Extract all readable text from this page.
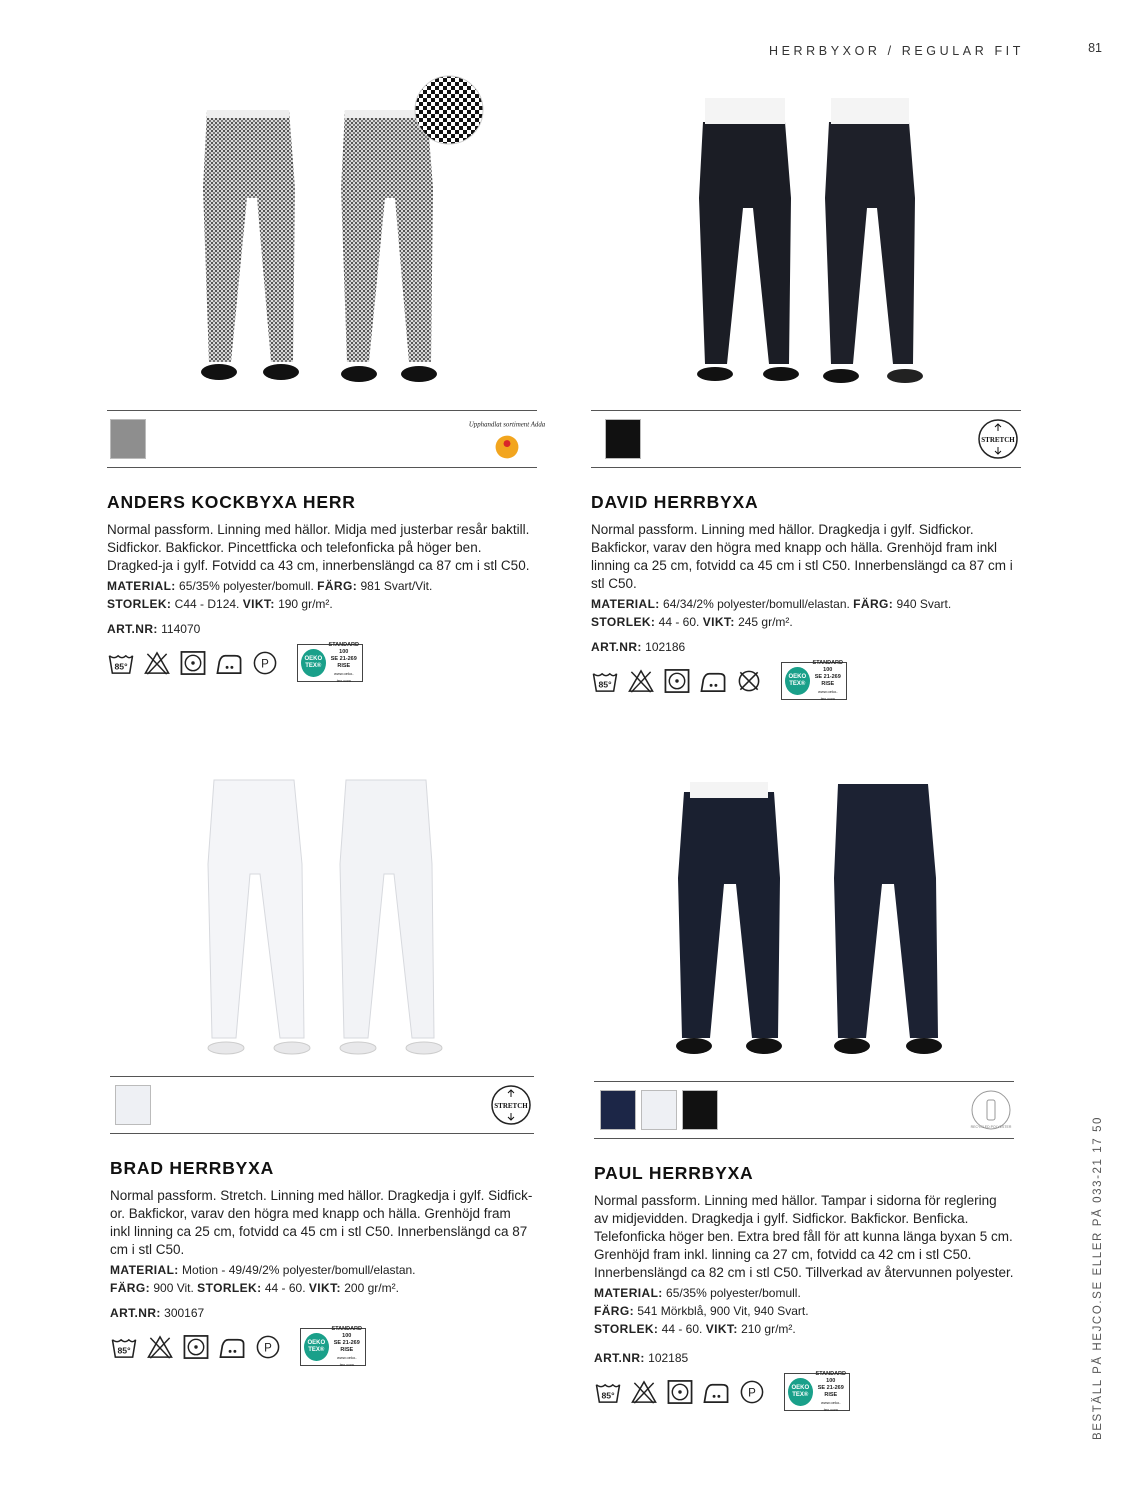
HERRBYXOR / REGULAR FIT	81
BESTÄLL PÅ HEJCO.SE ELLER PÅ 033-21 17 50
Upphandlat sortiment Adda
ANDERS KOCKBYXA HERR
Normal passform. Linning med hällor. Midja med justerbar resår baktill. Sidfickor. Bakfickor. Pincettficka och telefonficka på höger ben. Dragked-ja i gylf. Fotvidd ca 43 cm, innerbenslängd ca 87 cm i stl C50.
MATERIAL: 65/35% polyester/bomull. FÄRG: 981 Svart/Vit.
STORLEK: C44 - D124. VIKT: 190 gr/m².
ART.NR: 114070
85°	P	OEKO TEX®
STANDARD
100
SE 21-269
RISE
www.oeko-tex.com
STRETCH
DAVID HERRBYXA
Normal passform. Linning med hällor. Dragkedja i gylf. Sidfickor. Bakfickor, varav den högra med knapp och hälla. Grenhöjd fram inkl linning ca 25 cm, fotvidd ca 45 cm i stl C50. Innerbenslängd ca 87 cm i stl C50.
MATERIAL: 64/34/2% polyester/bomull/elastan. FÄRG: 940 Svart.
STORLEK: 44 - 60. VIKT: 245 gr/m².
ART.NR: 102186
85°
OEKO TEX®
STANDARD
100
SE 21-269
RISE
www.oeko-tex.com
STRETCH
BRAD HERRBYXA
Normal passform. Stretch. Linning med hällor. Dragkedja i gylf. Sidfick-or. Bakfickor, varav den högra med knapp och hälla. Grenhöjd fram inkl linning ca 25 cm, fotvidd ca 45 cm i stl C50. Innerbenslängd ca 87 cm i stl C50.
MATERIAL: Motion - 49/49/2% polyester/bomull/elastan.
FÄRG: 900 Vit. STORLEK: 44 - 60. VIKT: 200 gr/m².
ART.NR: 300167
85°	P	OEKO TEX®
STANDARD
100
SE 21-269
RISE
www.oeko-tex.com
RECYCLED POLYESTER
PAUL HERRBYXA
Normal passform. Linning med hällor. Tampar i sidorna för reglering av midjevidden. Dragkedja i gylf. Sidfickor. Bakfickor. Benficka. Telefonficka höger ben. Extra bred fåll för att kunna länga byxan 5 cm. Grenhöjd fram inkl. linning ca 27 cm, fotvidd ca 42 cm i stl C50. Innerbenslängd ca 82 cm i stl C50. Tillverkad av återvunnen polyester.
MATERIAL: 65/35% polyester/bomull.
FÄRG: 541 Mörkblå, 900 Vit, 940 Svart.
STORLEK: 44 - 60. VIKT: 210 gr/m².
ART.NR: 102185
85°	P	OEKO TEX®
STANDARD
100
SE 21-269
RISE
www.oeko-tex.com
